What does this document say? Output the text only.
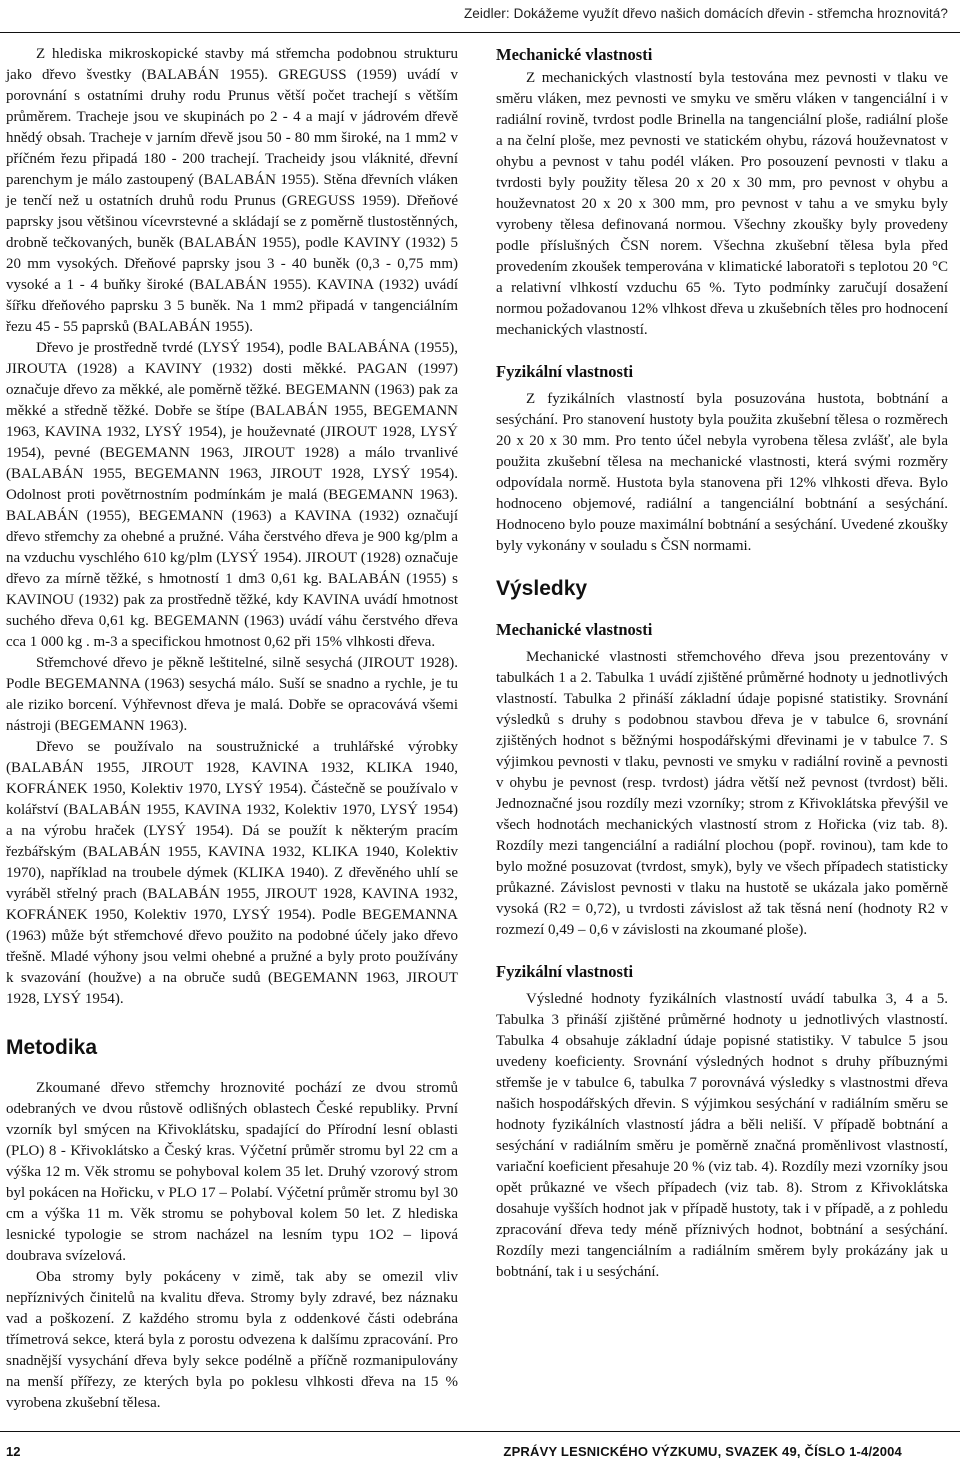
Zeidler: Dokážeme využít dřevo našich domácích dřevin - střemcha hroznovitá?

Z hlediska mikroskopické stavby má střemcha podobnou strukturu jako dřevo švestky (BALABÁN 1955). GREGUSS (1959) uvádí v porovnání s ostatními druhy rodu Prunus větší počet trachejí s větším průměrem. Tracheje jsou ve skupinách po 2 - 4 a mají v jádrovém dřevě hnědý obsah. Tracheje v jarním dřevě jsou 50 - 80 mm široké, na 1 mm2 v příčném řezu připadá 180 - 200 trachejí. Tracheidy jsou vláknité, dřevní parenchym je málo zastoupený (BALABÁN 1955). Stěna dřevních vláken je tenčí než u ostatních druhů rodu Prunus (GREGUSS 1959). Dřeňové paprsky jsou většinou vícevrstevné a skládají se z poměrně tlustostěnných, drobně tečkovaných, buněk (BALABÁN 1955), podle KAVINY (1932) 5 20 mm vysokých. Dřeňové paprsky jsou 3 - 40 buněk (0,3 - 0,75 mm) vysoké a 1 - 4 buňky široké (BALABÁN 1955). KAVINA (1932) uvádí šířku dřeňového paprsku 3 5 buněk. Na 1 mm2 připadá v tangenciálním řezu 45 - 55 paprsků (BALABÁN 1955).

Dřevo je prostředně tvrdé (LYSÝ 1954), podle BALABÁNA (1955), JIROUTA (1928) a KAVINY (1932) dosti měkké. PAGAN (1997) označuje dřevo za měkké, ale poměrně těžké. BEGEMANN (1963) pak za měkké a středně těžké. Dobře se štípe (BALABÁN 1955, BEGEMANN 1963, KAVINA 1932, LYSÝ 1954), je houževnaté (JIROUT 1928, LYSÝ 1954), pevné (BEGEMANN 1963, JIROUT 1928) a málo trvanlivé (BALABÁN 1955, BEGEMANN 1963, JIROUT 1928, LYSÝ 1954). Odolnost proti povětrnostním podmínkám je malá (BEGEMANN 1963). BALABÁN (1955), BEGEMANN (1963) a KAVINA (1932) označují dřevo střemchy za ohebné a pružné. Váha čerstvého dřeva je 900 kg/plm a na vzduchu vyschlého 610 kg/plm (LYSÝ 1954). JIROUT (1928) označuje dřevo za mírně těžké, s hmotností 1 dm3 0,61 kg. BALABÁN (1955) s KAVINOU (1932) pak za prostředně těžké, kdy KAVINA uvádí hmotnost suchého dřeva 0,61 kg. BEGEMANN (1963) uvádí váhu čerstvého dřeva cca 1 000 kg . m-3 a specifickou hmotnost 0,62 při 15% vlhkosti dřeva.

Střemchové dřevo je pěkně leštitelné, silně sesychá (JIROUT 1928). Podle BEGEMANNA (1963) sesychá málo. Suší se snadno a rychle, je tu ale riziko borcení. Výhřevnost dřeva je malá. Dobře se opracovává všemi nástroji (BEGEMANN 1963).

Dřevo se používalo na soustružnické a truhlářské výrobky (BALABÁN 1955, JIROUT 1928, KAVINA 1932, KLIKA 1940, KOFRÁNEK 1950, Kolektiv 1970, LYSÝ 1954). Částečně se používalo v kolářství (BALABÁN 1955, KAVINA 1932, Kolektiv 1970, LYSÝ 1954) a na výrobu hraček (LYSÝ 1954). Dá se použít k některým pracím řezbářským (BALABÁN 1955, KAVINA 1932, KLIKA 1940, Kolektiv 1970), například na troubele dýmek (KLIKA 1940). Z dřevěného uhlí se vyráběl střelný prach (BALABÁN 1955, JIROUT 1928, KAVINA 1932, KOFRÁNEK 1950, Kolektiv 1970, LYSÝ 1954). Podle BEGEMANNA (1963) může být střemchové dřevo použito na podobné účely jako dřevo třešně. Mladé výhony jsou velmi ohebné a pružné a byly proto používány k svazování (houžve) a na obruče sudů (BEGEMANN 1963, JIROUT 1928, LYSÝ 1954).

Metodika

Zkoumané dřevo střemchy hroznovité pochází ze dvou stromů odebraných ve dvou růstově odlišných oblastech České republiky. První vzorník byl smýcen na Křivoklátsku, spadající do Přírodní lesní oblasti (PLO) 8 - Křivoklátsko a Český kras. Výčetní průměr stromu byl 22 cm a výška 12 m. Věk stromu se pohyboval kolem 35 let. Druhý vzorový strom byl pokácen na Hořicku, v PLO 17 – Polabí. Výčetní průměr stromu byl 30 cm a výška 11 m. Věk stromu se pohyboval kolem 50 let. Z hlediska lesnické typologie se strom nacházel na lesním typu 1O2 – lipová doubrava svízelová.

Oba stromy byly pokáceny v zimě, tak aby se omezil vliv nepříznivých činitelů na kvalitu dřeva. Stromy byly zdravé, bez náznaku vad a poškození. Z každého stromu byla z oddenkové části odebrána třímetrová sekce, která byla z porostu odvezena k dalšímu zpracování. Pro snadnější vysychání dřeva byly sekce podélně a příčně rozmanipulovány na menší přířezy, ze kterých byla po poklesu vlhkosti dřeva na 15 % vyrobena zkušební tělesa.

Mechanické vlastnosti

Z mechanických vlastností byla testována mez pevnosti v tlaku ve směru vláken, mez pevnosti ve smyku ve směru vláken v tangenciální i v radiální rovině, tvrdost podle Brinella na tangenciální ploše, radiální ploše a na čelní ploše, mez pevnosti ve statickém ohybu, rázová houževnatost v ohybu a pevnost v tahu podél vláken. Pro posouzení pevnosti v tlaku a tvrdosti byly použity tělesa 20 x 20 x 30 mm, pro pevnost v ohybu a houževnatost 20 x 20 x 300 mm, pro pevnost v tahu a ve smyku byly vyrobeny tělesa definovaná normou. Všechny zkoušky byly provedeny podle příslušných ČSN norem. Všechna zkušební tělesa byla před provedením zkoušek temperována v klimatické laboratoři s teplotou 20 °C a relativní vlhkostí vzduchu 65 %. Tyto podmínky zaručují dosažení normou požadovanou 12% vlhkost dřeva u zkušebních těles pro hodnocení mechanických vlastností.

Fyzikální vlastnosti

Z fyzikálních vlastností byla posuzována hustota, bobtnání a sesýchání. Pro stanovení hustoty byla použita zkušební tělesa o rozměrech 20 x 20 x 30 mm. Pro tento účel nebyla vyrobena tělesa zvlášť, ale byla použita zkušební tělesa na mechanické vlastnosti, která svými rozměry odpovídala normě. Hustota byla stanovena při 12% vlhkosti dřeva. Bylo hodnoceno objemové, radiální a tangenciální bobtnání a sesýchání. Hodnoceno bylo pouze maximální bobtnání a sesýchání. Uvedené zkoušky byly vykonány v souladu s ČSN normami.

Výsledky
Mechanické vlastnosti

Mechanické vlastnosti střemchového dřeva jsou prezentovány v tabulkách 1 a 2. Tabulka 1 uvádí zjištěné průměrné hodnoty u jednotlivých vlastností. Tabulka 2 přináší základní údaje popisné statistiky. Srovnání výsledků s druhy s podobnou stavbou dřeva je v tabulce 6, srovnání zjištěných hodnot s běžnými hospodářskými dřevinami je v tabulce 7. S výjimkou pevnosti v tlaku, pevnosti ve smyku v radiální rovině a pevnosti v ohybu je pevnost (resp. tvrdost) jádra větší než pevnost (tvrdost) běli. Jednoznačné jsou rozdíly mezi vzorníky; strom z Křivoklátska převýšil ve všech hodnotách mechanických vlastností strom z Hořicka (viz tab. 8). Rozdíly mezi tangenciální a radiální plochou (popř. rovinou), tam kde to bylo možné posuzovat (tvrdost, smyk), byly ve všech případech statisticky průkazné. Závislost pevnosti v tlaku na hustotě se ukázala jako poměrně vysoká (R2 = 0,72), u tvrdosti závislost až tak těsná není (hodnoty R2 v rozmezí 0,49 – 0,6 v závislosti na zkoumané ploše).

Fyzikální vlastnosti

Výsledné hodnoty fyzikálních vlastností uvádí tabulka 3, 4 a 5. Tabulka 3 přináší zjištěné průměrné hodnoty u jednotlivých vlastností. Tabulka 4 obsahuje základní údaje popisné statistiky. V tabulce 5 jsou uvedeny koeficienty. Srovnání výsledných hodnot s druhy příbuznými střemše je v tabulce 6, tabulka 7 porovnává výsledky s vlastnostmi dřeva našich hospodářských dřevin. S výjimkou sesýchání v radiálním směru se hodnoty fyzikálních vlastností jádra a běli neliší. V případě bobtnání a sesýchání v radiálním směru je poměrně značná proměnlivost vlastností, variační koeficient přesahuje 20 % (viz tab. 4). Rozdíly mezi vzorníky jsou opět průkazné ve všech případech (viz tab. 8). Strom z Křivoklátska dosahuje vyšších hodnot jak v případě hustoty, tak i v případě, a z pohledu zpracování dřeva tedy méně příznivých hodnot, bobtnání a sesýchání. Rozdíly mezi tangenciálním a radiálním směrem byly prokázány jak u bobtnání, tak i u sesýchání.

12	ZPRÁVY LESNICKÉHO VÝZKUMU, SVAZEK 49, ČÍSLO 1-4/2004
